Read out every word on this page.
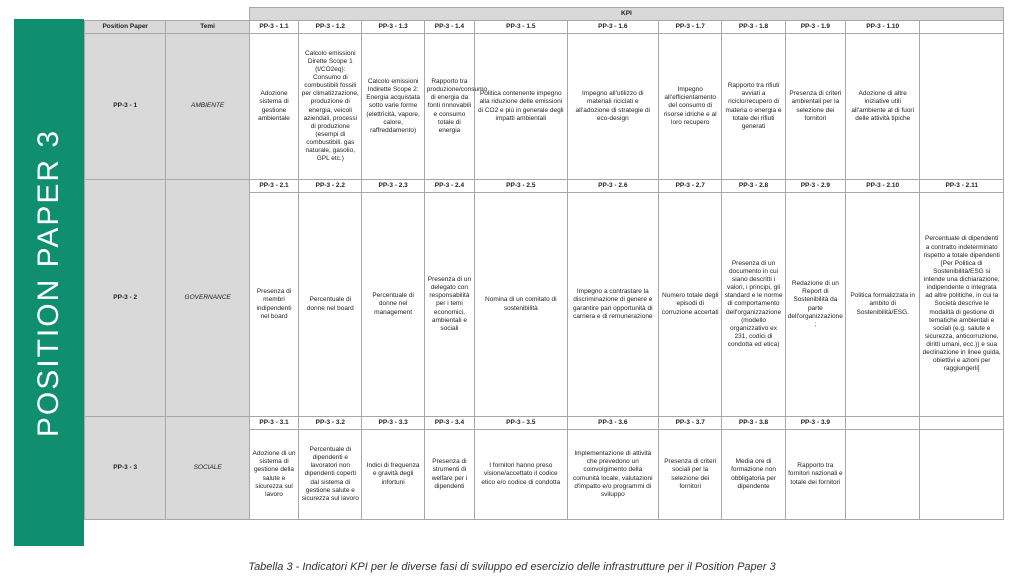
POSITION PAPER 3
		KPI										
Position Paper	Temi	PP-3 - 1.1	PP-3 - 1.2	PP-3 - 1.3	PP-3 - 1.4	PP-3 - 1.5	PP-3 - 1.6	PP-3 - 1.7	PP-3 - 1.8	PP-3 - 1.9	PP-3 - 1.10	
PP-3 - 1	AMBIENTE	Adozione sistema di gestione ambientale	Calcolo emissioni Dirette Scope 1 (t/CO2eq): Consumo di combustibili fossili per climatizzazione, produzione di energia, veicoli aziendali, processi di produzione (esempi di combustibili. gas naturale, gasolio, GPL etc.)	Calcolo emissioni Indirette Scope 2: Energia acquistata sotto varie forme (elettricità, vapore, calore, raffreddamento)	Rapporto tra produzione/consumo di energia da fonti rinnovabili e consumo totale di energia	Politica contenente impegno alla riduzione delle emissioni di CO2 e più in generale degli impatti ambientali	Impegno all'utilizzo di materiali riciclati e all'adozione di strategie di eco-design	Impegno all'efficientamento del consumo di risorse idriche e al loro recupero	Rapporto tra rifiuti avviati a riciclo/recupero di materia o energia e totale dei rifiuti generati	Presenza di criteri ambientali per la selezione dei fornitori	Adozione di altre iniziative utili all'ambiente al di fuori delle attività tipiche	
PP-3 - 2	GOVERNANCE	PP-3 - 2.1	PP-3 - 2.2	PP-3 - 2.3	PP-3 - 2.4	PP-3 - 2.5	PP-3 - 2.6	PP-3 - 2.7	PP-3 - 2.8	PP-3 - 2.9	PP-3 - 2.10	PP-3 - 2.11
		Presenza di membri indipendenti nel board	Percentuale di donne nel board	Percentuale di donne nel management	Presenza di un delegato con responsabilità per i temi economici, ambientali e sociali	Nomina di un comitato di sostenibilità	Impegno a contrastare la discriminazione di genere e garantire pari opportunità di carriera e di remunerazione	Numero totale degli episodi di corruzione accertati	Presenza di un documento in cui siano descritti i valori, i principi, gli standard e le norme di comportamento dell'organizzazione (modello organizzativo ex 231, codici di condotta ed etica)	Redazione di un Report di Sostenibilità da parte dell'organizzazione ;	Politica formalizzata in ambito di Sostenibilità/ESG.	Percentuale di dipendenti a contratto indeterminato rispetto a totale dipendenti [Per Politica di Sostenibilità/ESG si intende una dichiarazione, indipendente o integrata ad altre politiche, in cui la Società descrive le modalità di gestione di tematiche ambientali e sociali (e.g. salute e sicurezza, anticorruzione, diritti umani, ecc.)) e sua declinazione in linee guida, obiettivi e azioni per raggiungerli]
PP-3 - 3	SOCIALE	PP-3 - 3.1	PP-3 - 3.2	PP-3 - 3.3	PP-3 - 3.4	PP-3 - 3.5	PP-3 - 3.6	PP-3 - 3.7	PP-3 - 3.8	PP-3 - 3.9		
		Adozione di un sistema di gestione della salute e sicurezza sul lavoro	Percentuale di dipendenti e lavoratori non dipendenti coperti dal sistema di gestione salute e sicurezza sul lavoro	Indici di frequenza e gravità degli infortuni	Presenza di strumenti di welfare per i dipendenti	I fornitori hanno preso visione/accettato il codice etico e/o codice di condotta	Implementazione di attività che prevedono un coinvolgimento della comunità locale, valutazioni d'impatto e/o programmi di sviluppo	Presenza di criteri sociali per la selezione dei fornitori	Media ore di formazione non obbligatoria per dipendente	Rapporto tra fornitori nazionali e totale dei fornitori		
Tabella 3 - Indicatori KPI per le diverse fasi di sviluppo ed esercizio delle infrastrutture per il Position Paper 3
